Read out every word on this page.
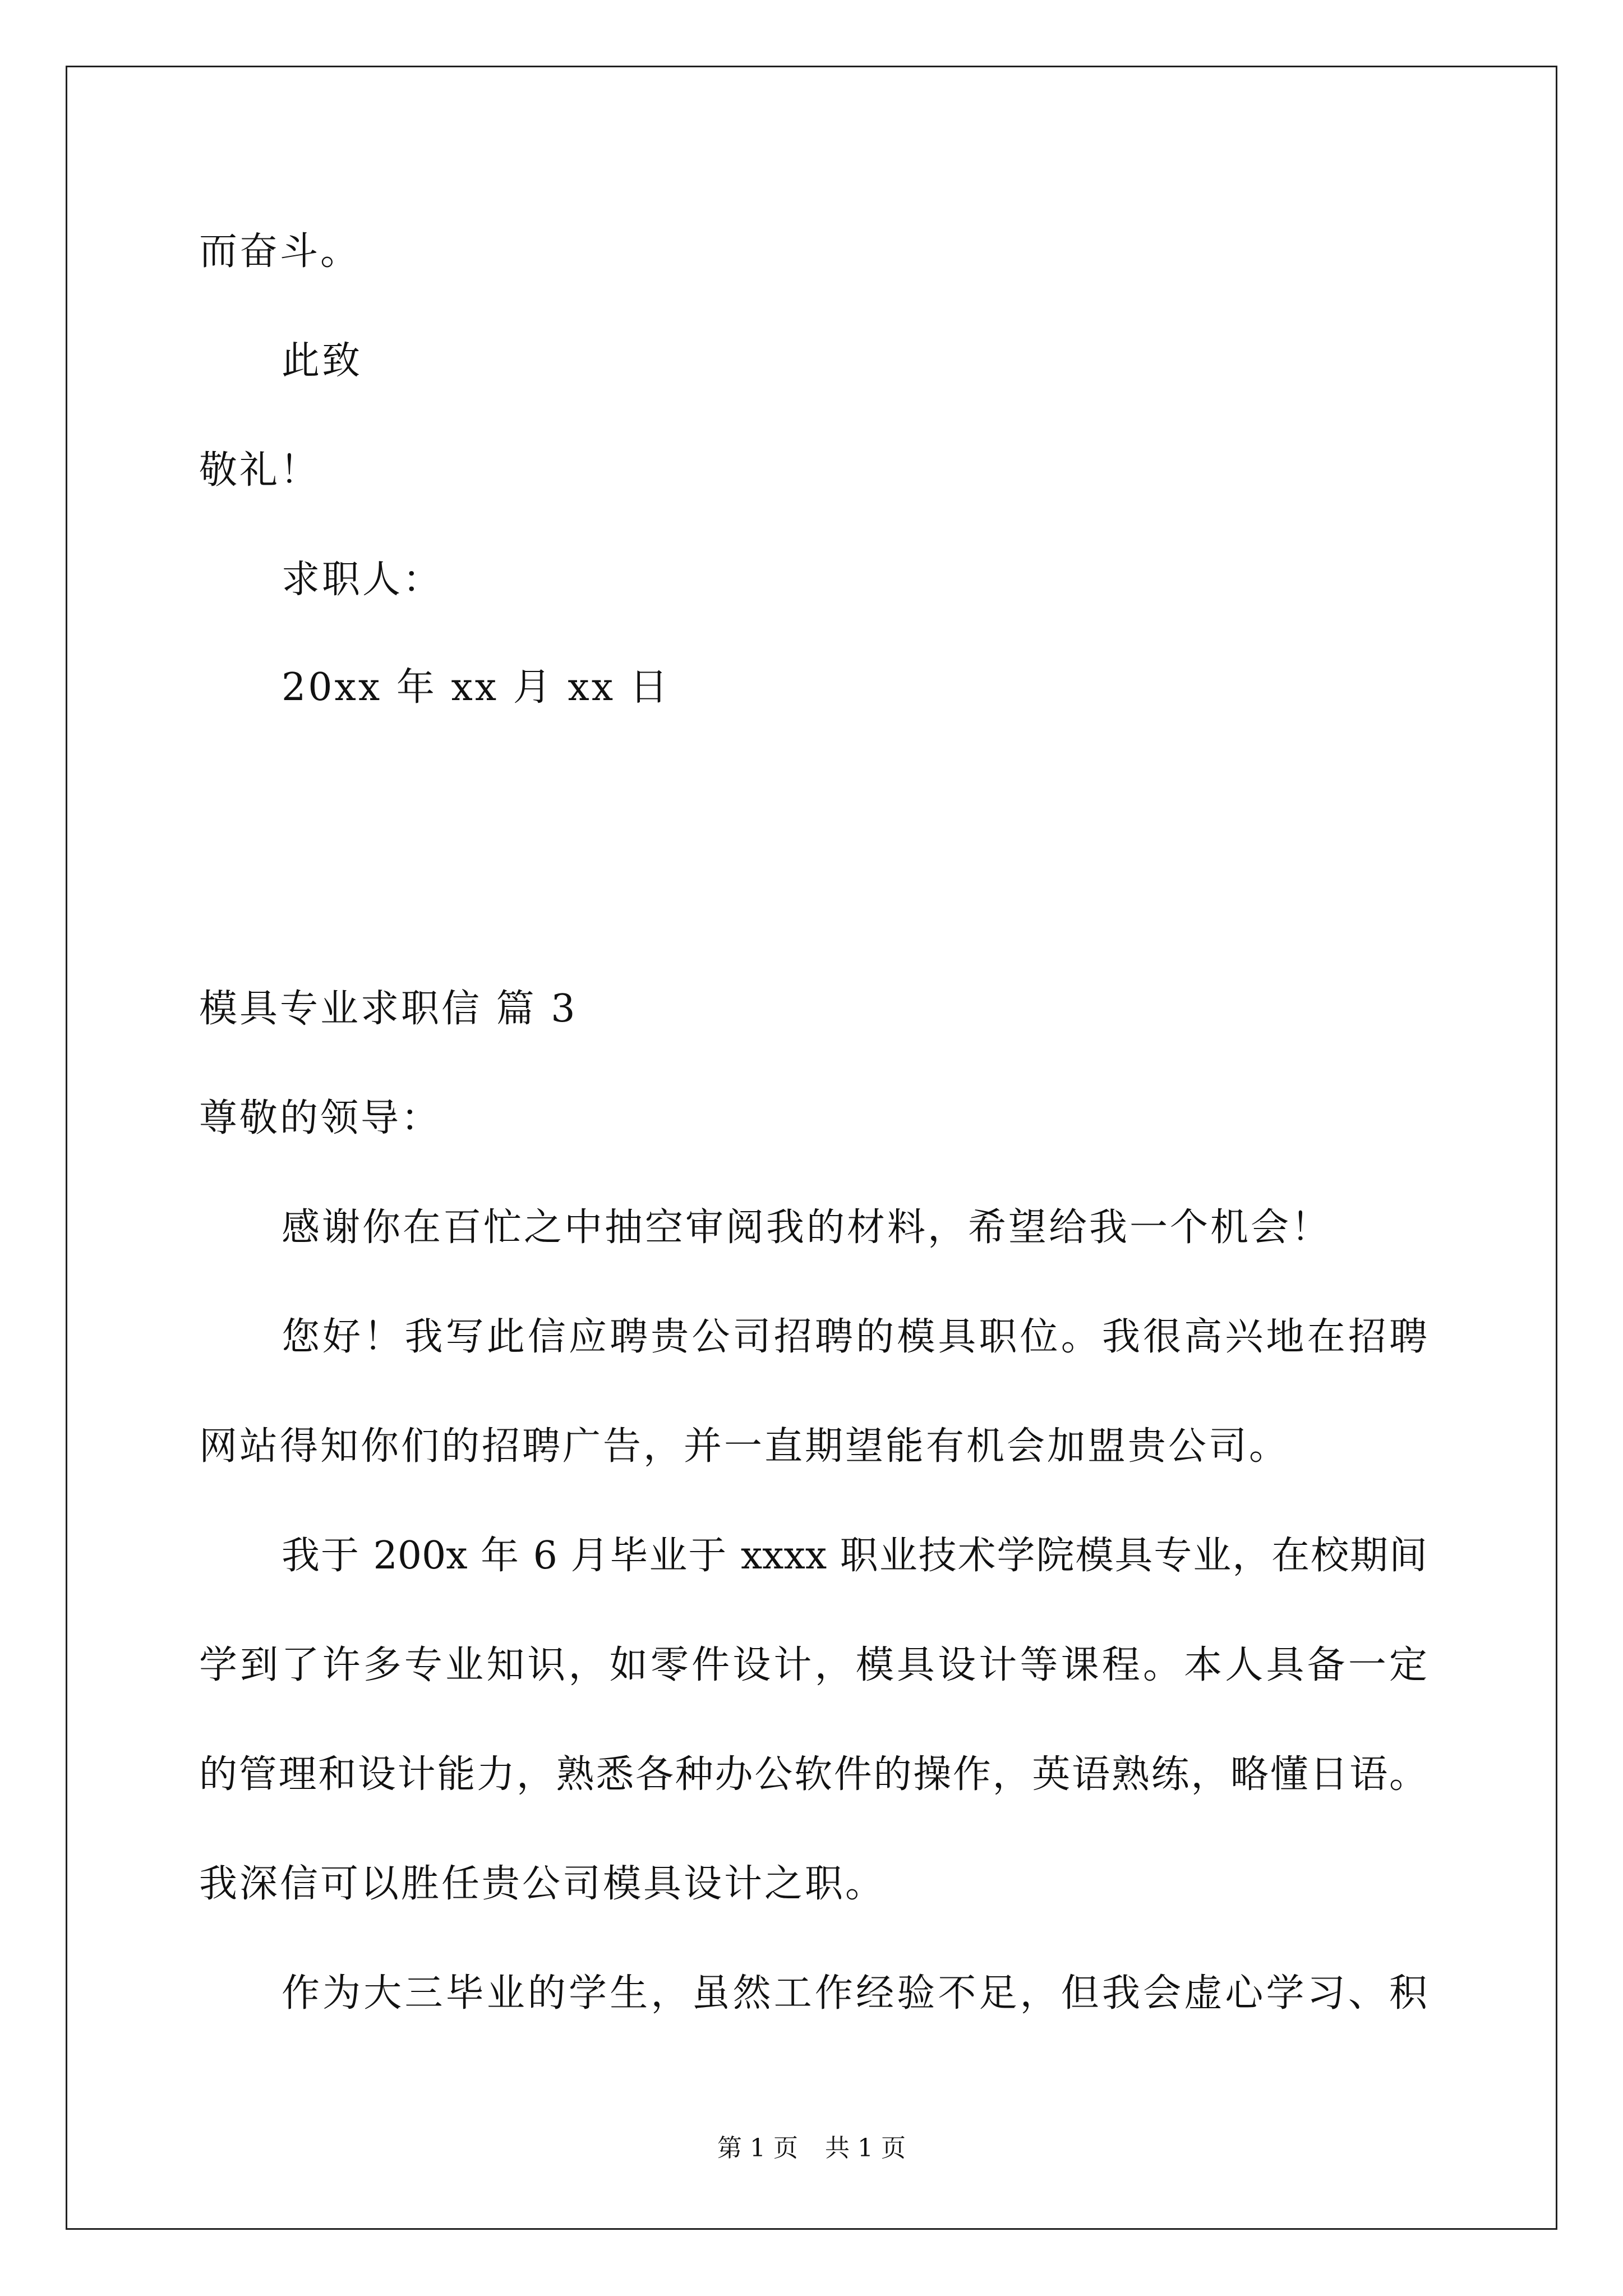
而奋斗。
此致
敬礼！
求职人：
20xx 年 xx 月 xx 日
模具专业求职信 篇 3
尊敬的领导：
感谢你在百忙之中抽空审阅我的材料，希望给我一个机会！
您好！我写此信应聘贵公司招聘的模具职位。我很高兴地在招聘
网站得知你们的招聘广告，并一直期望能有机会加盟贵公司。
我于 200x 年 6 月毕业于 xxxx 职业技术学院模具专业，在校期间
学到了许多专业知识，如零件设计，模具设计等课程。本人具备一定
的管理和设计能力，熟悉各种办公软件的操作，英语熟练，略懂日语。
我深信可以胜任贵公司模具设计之职。
作为大三毕业的学生，虽然工作经验不足，但我会虚心学习、积
第 1 页 共 1 页
